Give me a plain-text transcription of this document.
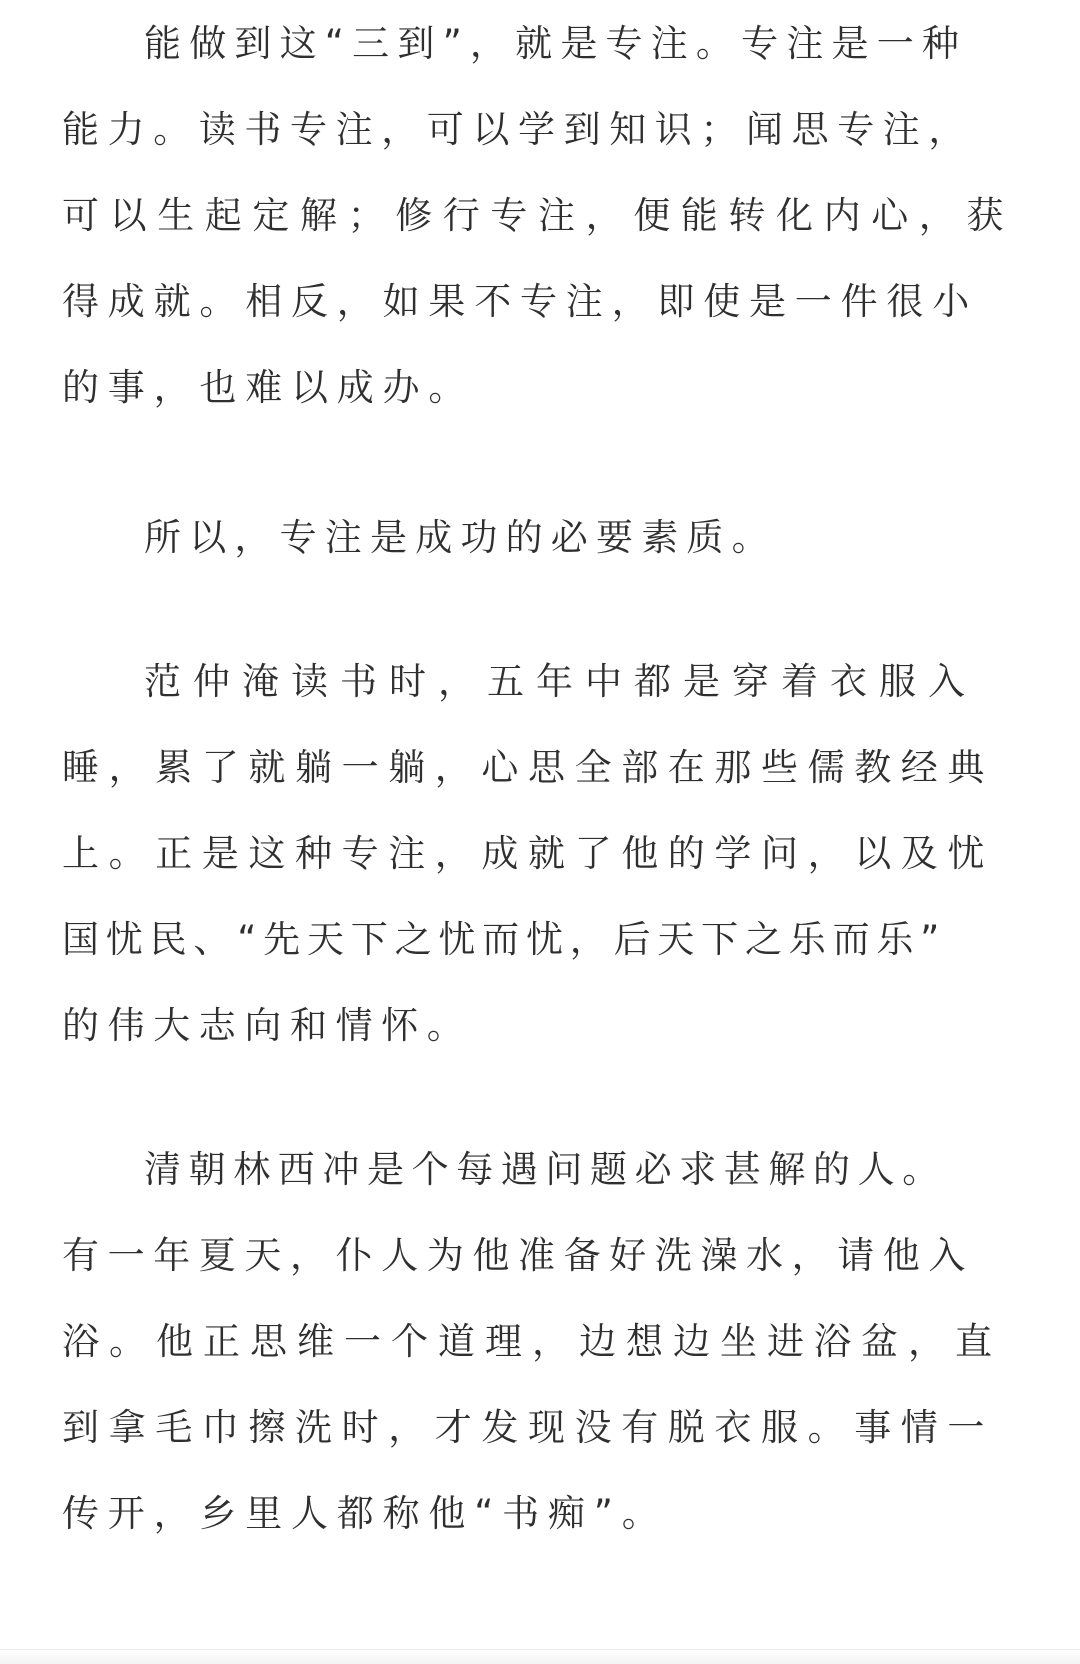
能做到这“三到”，就是专注。专注是一种
能力。读书专注，可以学到知识；闻思专注，
可以生起定解；修行专注，便能转化内心，获
得成就。相反，如果不专注，即使是一件很小
的事，也难以成办。
所以，专注是成功的必要素质。
范仲淹读书时，五年中都是穿着衣服入
睡，累了就躺一躺，心思全部在那些儒教经典
上。正是这种专注，成就了他的学问，以及忧
国忧民、“先天下之忧而忧，后天下之乐而乐”
的伟大志向和情怀。
清朝林西冲是个每遇问题必求甚解的人。
有一年夏天，仆人为他准备好洗澡水，请他入
浴。他正思维一个道理，边想边坐进浴盆，直
到拿毛巾擦洗时，才发现没有脱衣服。事情一
传开，乡里人都称他“书痴”。
